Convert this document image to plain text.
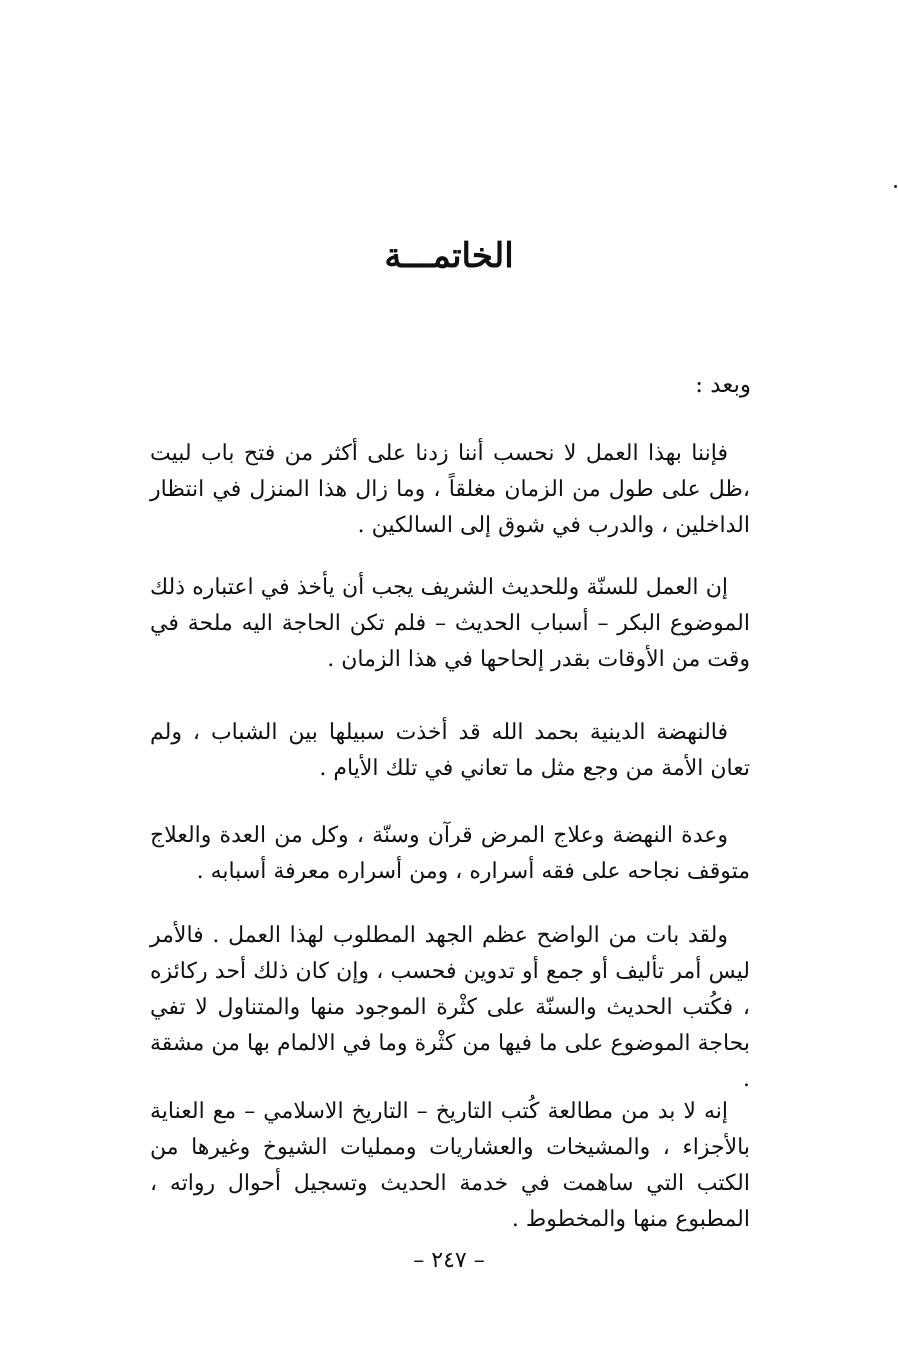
الخاتمـــة
وبعد :

فإننا بهذا العمل لا نحسب أننا زدنا على أكثر من فتح باب لبيت ،ظل على طول من الزمان مغلقاً ، وما زال هذا المنزل في انتظار الداخلين ، والدرب في شوق إلى السالكين .

إن العمل للسنّة وللحديث الشريف يجب أن يأخذ في اعتباره ذلك الموضوع البكر – أسباب الحديث – فلم تكن الحاجة اليه ملحة في وقت من الأوقات بقدر إلحاحها في هذا الزمان .

فالنهضة الدينية بحمد الله قد أخذت سبيلها بين الشباب ، ولم تعان الأمة من وجع مثل ما تعاني في تلك الأيام .

وعدة النهضة وعلاج المرض قرآن وسنّة ، وكل من العدة والعلاج متوقف نجاحه على فقه أسراره ، ومن أسراره معرفة أسبابه .

ولقد بات من الواضح عظم الجهد المطلوب لهذا العمل . فالأمر ليس أمر تأليف أو جمع أو تدوين فحسب ، وإن كان ذلك أحد ركائزه ، فكُتب الحديث والسنّة على كثْرة الموجود منها والمتناول لا تفي بحاجة الموضوع على ما فيها من كثْرة وما في الالمام بها من مشقة .

إنه لا بد من مطالعة كُتب التاريخ – التاريخ الاسلامي – مع العناية بالأجزاء ، والمشيخات والعشاريات وممليات الشيوخ وغيرها من الكتب التي ساهمت في خدمة الحديث وتسجيل أحوال رواته ، المطبوع منها والمخطوط .

– ٢٤٧ –
